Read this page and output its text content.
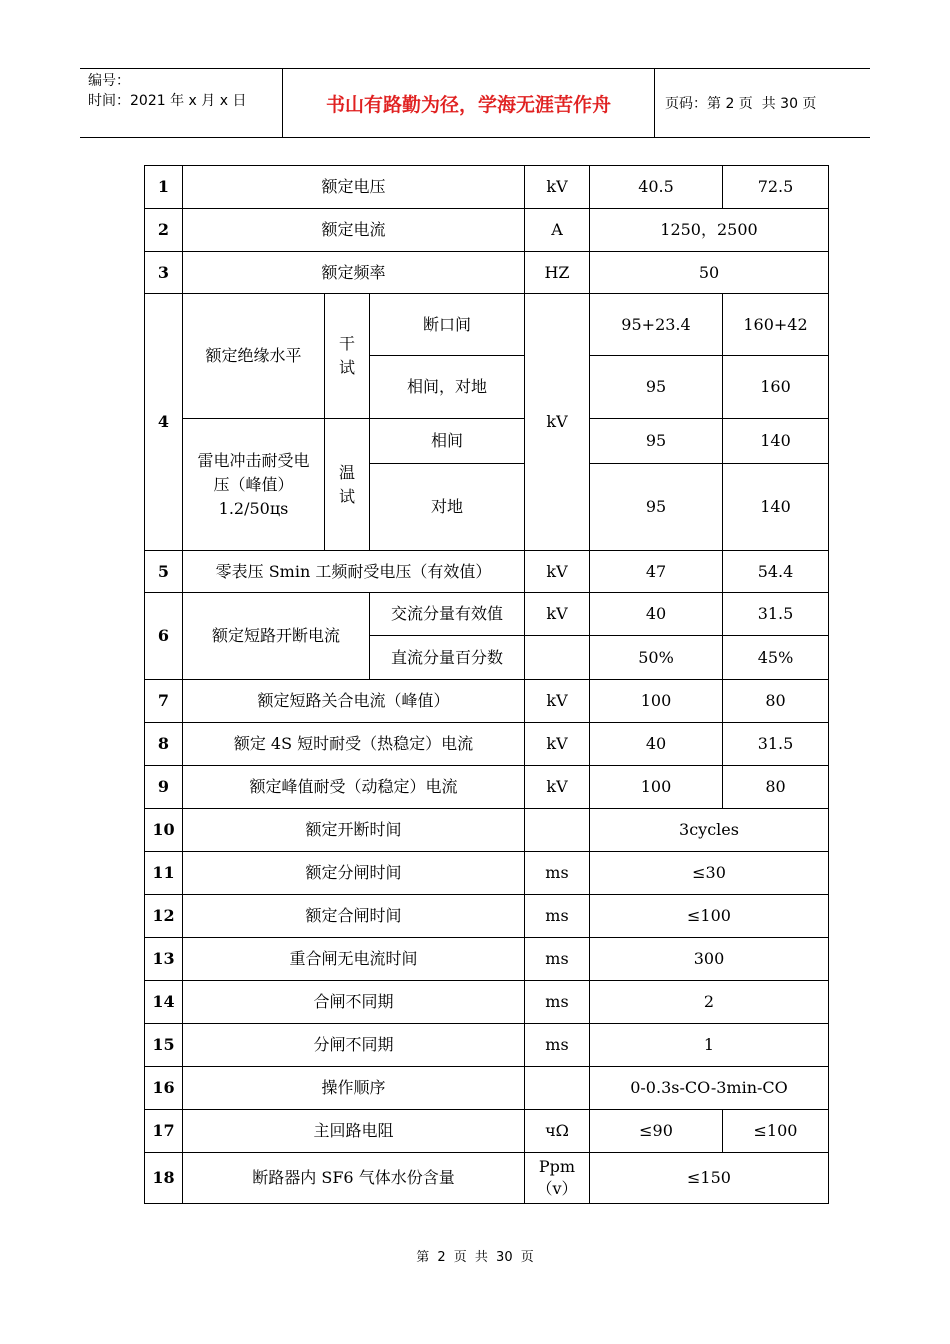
编号：
时间：2021 年 x 月 x 日	书山有路勤为径，学海无涯苦作舟	页码：第 2 页  共 30 页
1	额定电压			kV	40.5	72.5
2	额定电流			A	1250，2500	
3	额定频率			HZ	50	
4	额定绝缘水平	干试	断口间	kV	95+23.4	160+42
			相间，对地		95	160
	雷电冲击耐受电压（峰值）1.2/50цs	温试	相间		95	140
			对地		95	140
5	零表压 Smin 工频耐受电压（有效值）			kV	47	54.4
6	额定短路开断电流		交流分量有效值	kV	40	31.5
			直流分量百分数		50%	45%
7	额定短路关合电流（峰值）			kV	100	80
8	额定 4S 短时耐受（热稳定）电流			kV	40	31.5
9	额定峰值耐受（动稳定）电流			kV	100	80
10	额定开断时间				3cycles	
11	额定分闸时间			ms	≤30	
12	额定合闸时间			ms	≤100	
13	重合闸无电流时间			ms	300	
14	合闸不同期			ms	2	
15	分闸不同期			ms	1	
16	操作顺序				0-0.3s-CO-3min-CO	
17	主回路电阻			чΩ	≤90	≤100
18	断路器内 SF6 气体水份含量			Ppm（v）	≤150	
第 2 页 共 30 页
